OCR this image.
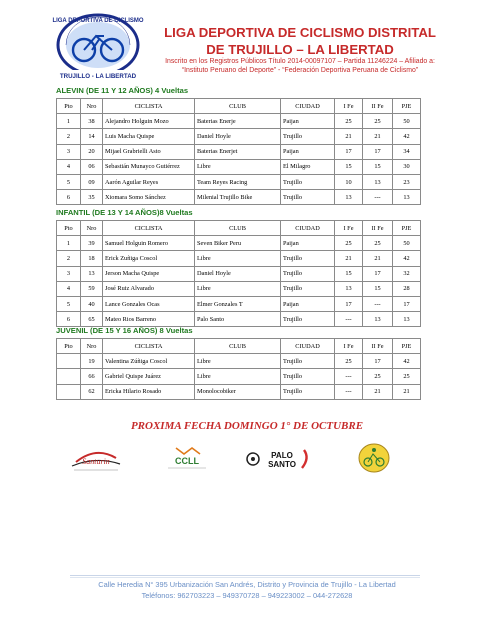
LIGA DEPORTIVA DE CICLISMO
TRUJILLO - LA LIBERTAD
LIGA DEPORTIVA DE CICLISMO DISTRITAL
DE TRUJILLO – LA LIBERTAD
Inscrito en los Registros Públicos Título 2014-00097107 – Partida 11246224 – Afiliado a:
“Instituto Peruano del Deporte” - “Federación Deportiva Peruana de Ciclismo”
ALEVIN (DE 11 Y 12 AÑOS) 4 Vueltas
Pto	Nro	CICLISTA	CLUB	CIUDAD	I Fe	II Fe	PJE
1	38	Alejandro Holguin Mozo	Baterias Enerje	Paijan	25	25	50
2	14	Luis Macha Quispe	Daniel Hoyle	Trujillo	21	21	42
3	20	Mijael Grabrielli Asto	Baterias Enerjet	Paijan	17	17	34
4	06	Sebastián Munayco Gutiérrez	Libre	El Milagro	15	15	30
5	09	Aarón Aguilar Reyes	Team Reyes Racing	Trujillo	10	13	23
6	35	Xiomara Somo Sánchez	Milenial Trujillo Bike	Trujillo	13	---	13
INFANTIL (DE 13 Y 14 AÑOS)8 Vueltas
Pto	Nro	CICLISTA	CLUB	CIUDAD	I Fe	II Fe	PJE
1	39	Samuel Holguin Romero	Seven Biker Peru	Paijan	25	25	50
2	18	Erick Zuñiga Coscol	Libre	Trujillo	21	21	42
3	13	Jerson Macha Quispe	Daniel Hoyle	Trujillo	15	17	32
4	59	José Ruiz Alvarado	Libre	Trujillo	13	15	28
5	40	Lance Gonzales Ocas	Elmer Gonzales T	Paijan	17	---	17
6	65	Mateo Rios Barreno	Palo Santo	Trujillo	---	13	13
JUVENIL (DE 15 Y 16 AÑOS) 8 Vueltas
Pto	Nro	CICLISTA	CLUB	CIUDAD	I Fe	II Fe	PJE
	19	Valentina Zúñiga Coscol	Libre	Trujillo	25	17	42
	66	Gabriel Quispe Juárez	Libre	Trujillo	---	25	25
	62	Ericka Hilario Rosado	Monolocobiker	Trujillo	---	21	21
PROXIMA FECHA DOMINGO 1° DE OCTUBRE
Santurin	CCLL
PALO
SANTO
Calle Heredia N° 395 Urbanización San Andrés, Distrito y Provincia de Trujillo - La Libertad
Teléfonos: 962703223 – 949370728 – 949223002 – 044-272628
